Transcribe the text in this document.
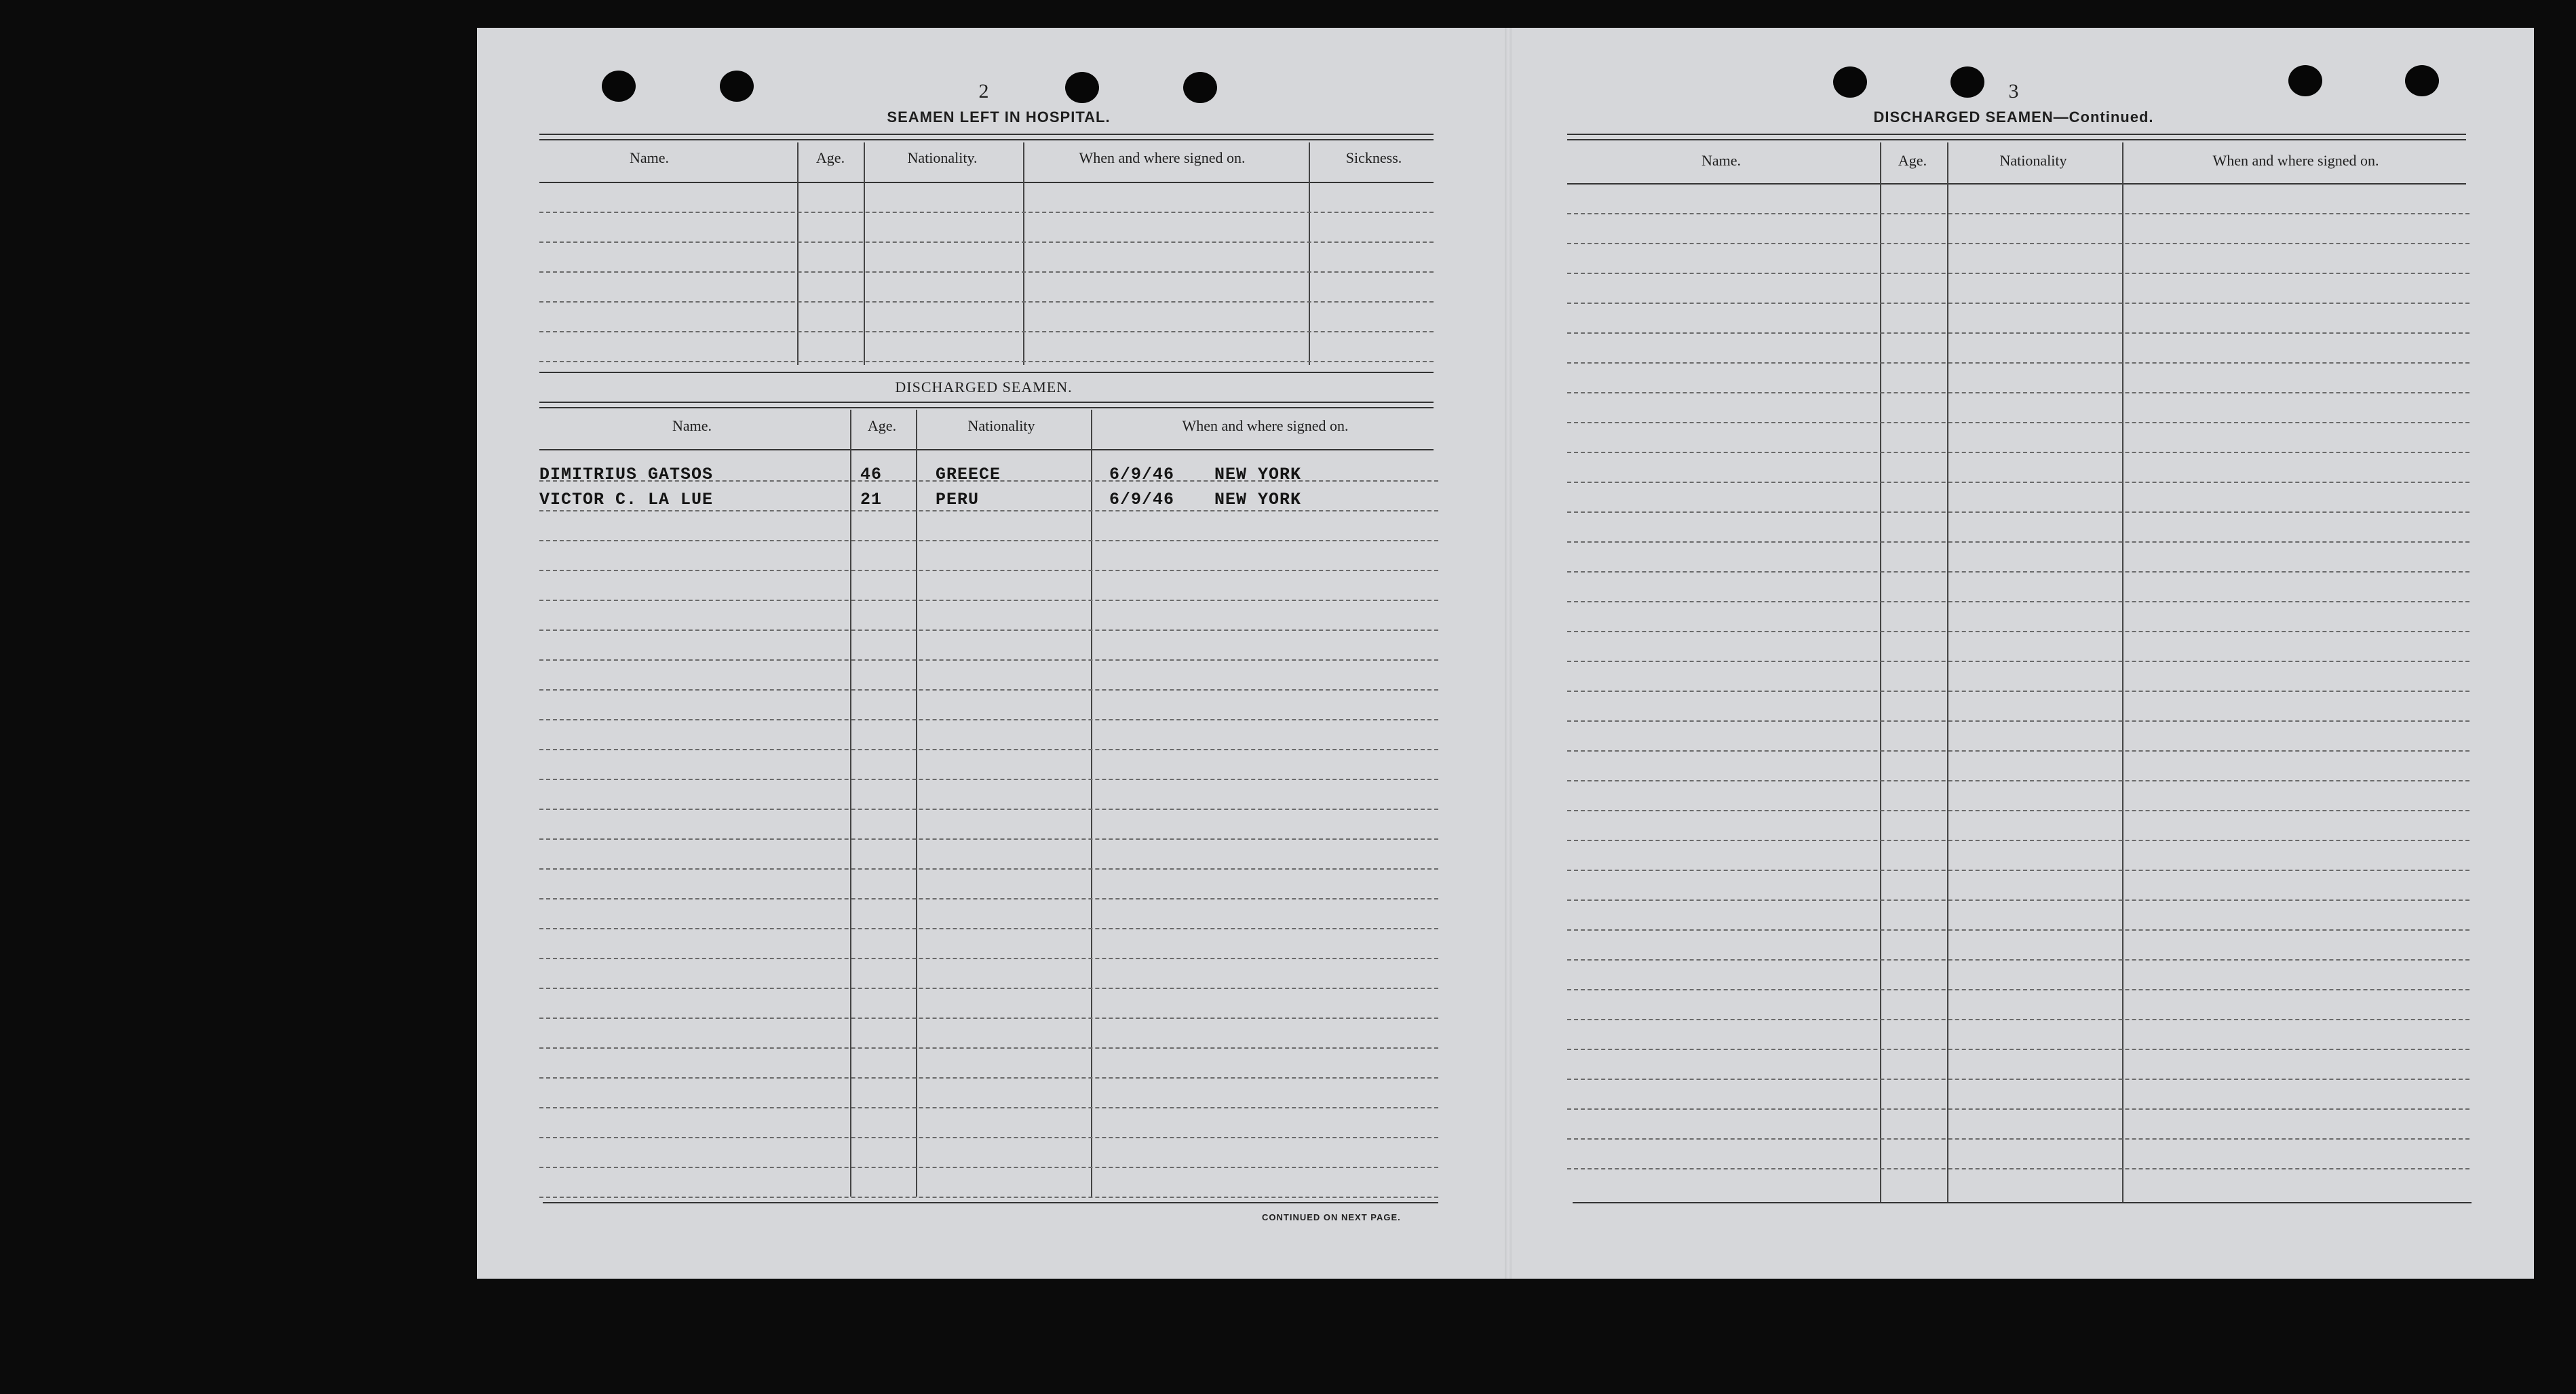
2
SEAMEN LEFT IN HOSPITAL.
Name.	Age.	Nationality.	When and where signed on.	Sickness.
DISCHARGED SEAMEN.
Name.	Age.	Nationality	When and where signed on.
DIMITRIUS GATSOS	46	GREECE	6/9/46 NEW YORK
VICTOR C. LA LUE	21	PERU	6/9/46 NEW YORK
CONTINUED ON NEXT PAGE.
3
DISCHARGED SEAMEN—Continued.
Name.	Age.	Nationality	When and where signed on.
